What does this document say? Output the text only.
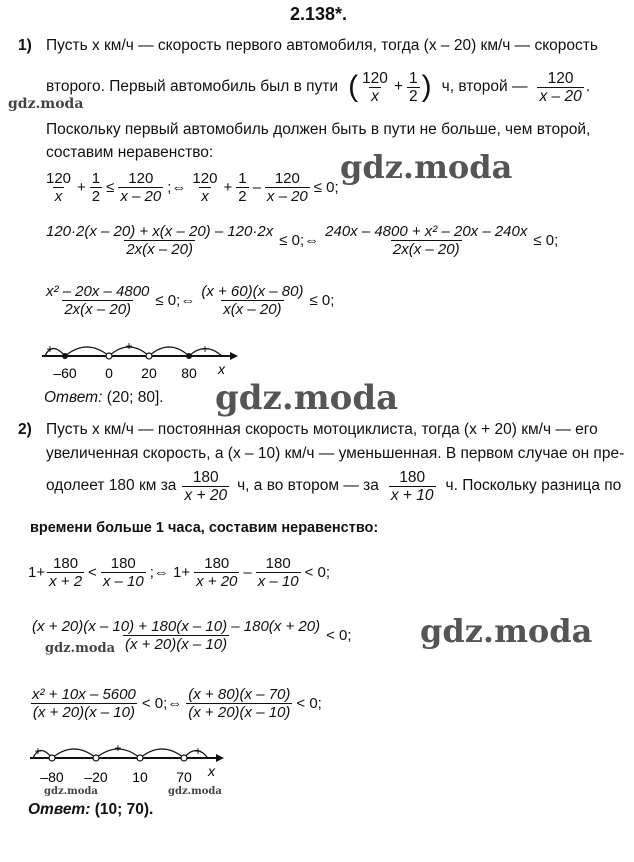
2.138*.
1) Пусть x км/ч — скорость первого автомобиля, тогда (x – 20) км/ч — скорость
второго. Первый автомобиль был в пути ( $\frac{120}{x} + \frac{1}{2}$ ) ч, второй — $\frac{120}{x - 20}$ .
gdz.moda
Поскольку первый автомобиль должен быть в пути не больше, чем второй,
составим неравенство:	gdz.moda
$\frac{120}{x} + \frac{1}{2} \le \frac{120}{x - 20}$ ;⇔ $\frac{120}{x} + \frac{1}{2} - \frac{120}{x - 20} \le 0$;
$\frac{120\cdot 2(x - 20) + x(x - 20) - 120\cdot 2x}{2x(x - 20)}$ ≤ 0;⇔ $\frac{\text{240x – 4800 + x² – 20x – 240x}}{2x(x - 20)} \le 0$;
$\frac{\text{x² – 20x – 4800}}{2x(x - 20)}$ ≤ 0;⇔ $\frac{(x + 60)(x - 80)}{x(x - 20)} \le 0$;
+	–	+	– +
–60 0 20 80 x
Ответ: (20; 80]. gdz.moda
2) Пусть x км/ч — постоянная скорость мотоциклиста, тогда (x + 20) км/ч — его
увеличенная скорость, а (x – 10) км/ч — уменьшенная. В первом случае он пре-
одолеет 180 км за $\frac{180}{x + 20} ч$, а во втором — за $\frac{180}{x + 10} ч$. Поскольку разница по
времени больше 1 часа, составим неравенство:
$1+ \frac{180}{x + 2} < \frac{180}{x - 10}$ ;⇔ $1+ \frac{180}{x + 20} - \frac{180}{x - 10} < 0$;
$\frac{(x + 20)(x - 10) + 180(x - 10) - 180(x + 20)}{(x + 20)(x - 10)} < 0$;
gdz.moda	gdz.moda
$\frac{\text{x² + 10x – 5600}}{(x + 20)(x - 10)}$ < 0;⇔ $\frac{(x + 80)(x - 70)}{(x + 20)(x - 10)} < 0$;
+ –	+	– +
–80 –20 10 70 x
gdz.moda	gdz.moda
Ответ: (10; 70).
